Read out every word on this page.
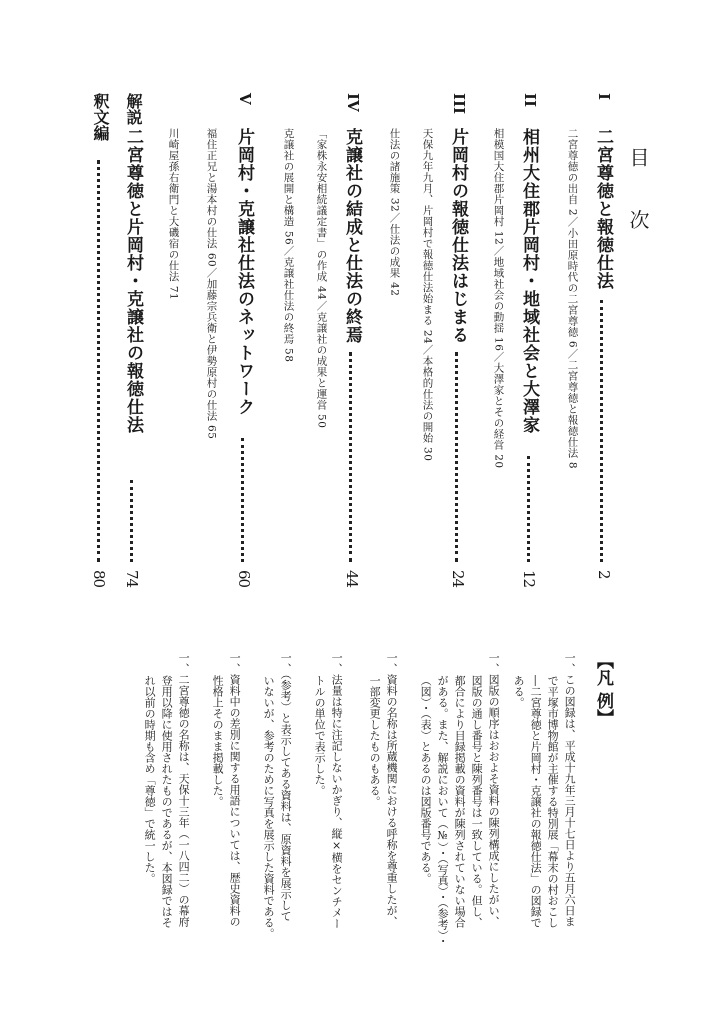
目 次
I
二宮尊徳と報徳仕法
2
二宮尊徳の出自 2／小田原時代の二宮尊徳 6／二宮尊徳と報徳仕法 8
II
相州大住郡片岡村・地域社会と大澤家
12
相模国大住郡片岡村 12／地域社会の動揺 16／大澤家とその経営 20
III
片岡村の報徳仕法はじまる
24
天保九年九月、片岡村で報徳仕法始まる 24／本格的仕法の開始 30
仕法の諸施策 32／仕法の成果 42
IV
克譲社の結成と仕法の終焉
44
「家株永安相続議定書」の作成 44／克譲社の成果と運営 50
克譲社の展開と構造 56／克譲社仕法の終焉 58
V
片岡村・克譲社仕法のネットワーク
60
福住正兄と湯本村の仕法 60／加藤宗兵衛と伊勢原村の仕法 65
川崎屋孫右衛門と大磯宿の仕法 71
解説
二宮尊徳と片岡村・克譲社の報徳仕法
74
釈文編
80
【凡 例】
一、この図録は、平成十九年三月十七日より五月六日ま
で平塚市博物館が主催する特別展「幕末の村おこし
―二宮尊徳と片岡村・克譲社の報徳仕法」の図録で
ある。
一、図版の順序はおおよそ資料の陳列構成にしたがい、
図版の通し番号と陳列番号は一致している。但し、
都合により目録掲載の資料が陳列されていない場合
がある。また、解説において（№）・（写真）・（参考）・
（図）・（表）とあるのは図版番号である。
一、資料の名称は所蔵機関における呼称を尊重したが、
一部変更したものもある。
一、法量は特に注記しないかぎり、縦×横をセンチメー
トルの単位で表示した。
一、（参考）と表示してある資料は、原資料を展示して
いないが、参考のために写真を展示した資料である。
一、資料中の差別に関する用語については、歴史資料の
性格上そのまま掲載した。
一、二宮尊徳の名称は、天保十三年（一八四二）の幕府
登用以降に使用されたものであるが、本図録ではそ
れ以前の時期も含め「尊徳」で統一した。
